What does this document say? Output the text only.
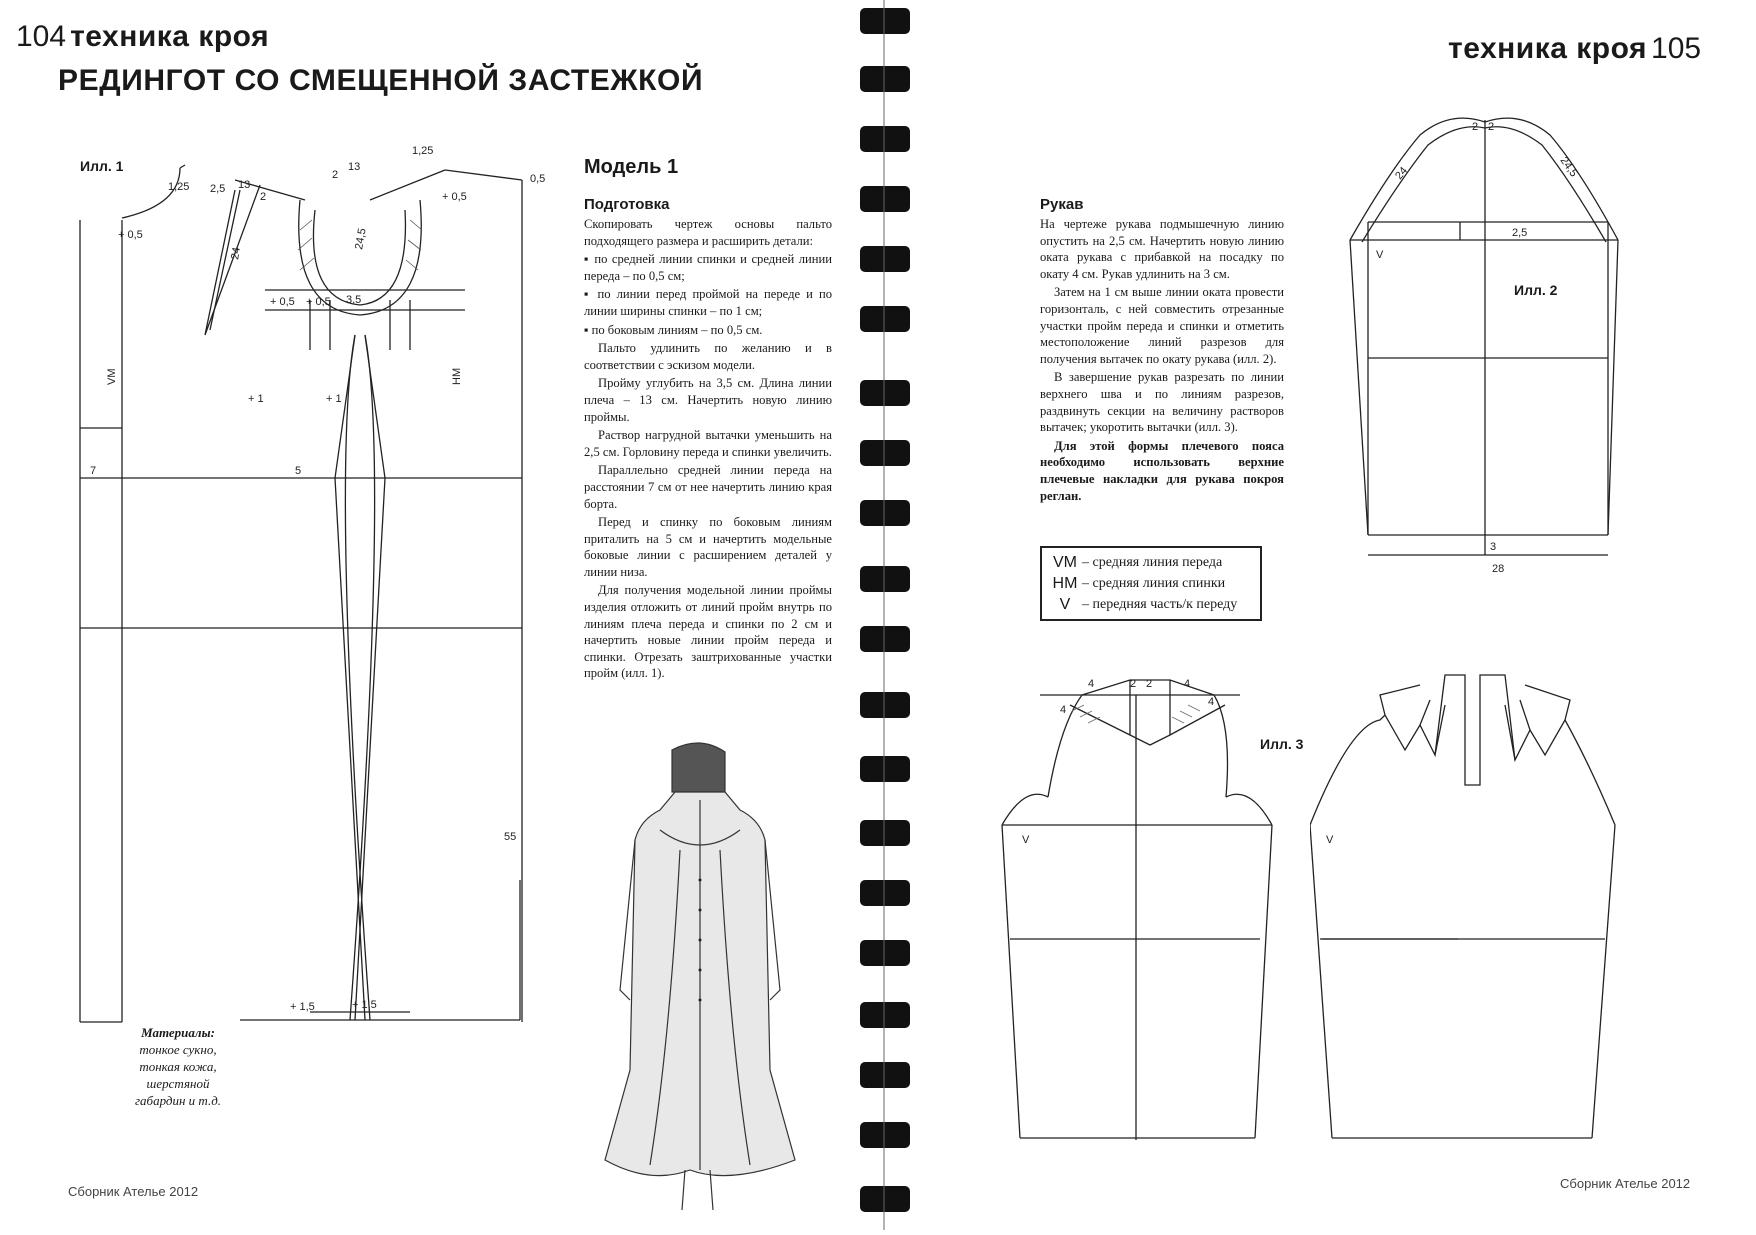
104 техника кроя
РЕДИНГОТ СО СМЕЩЕННОЙ ЗАСТЕЖКОЙ
Илл. 1
VM	HM
1,25 2,5 13
2
24
2
13
1,25
0,5
+ 0,5
+ 0,5	24,5
+ 0,5 + 0,5 3,5
+ 1	+ 1
7	5
55
+ 1,5	+ 1,5
Материалы:
тонкое сукно,
тонкая кожа,
шерстяной
габардин и т.д.
Модель 1
Подготовка

Скопировать чертеж основы пальто подходящего размера и расширить детали:

▪ по средней линии спинки и средней линии переда – по 0,5 см;

▪ по линии перед проймой на переде и по линии ширины спинки – по 1 см;

▪ по боковым линиям – по 0,5 см.

Пальто удлинить по желанию и в соответствии с эскизом модели.

Пройму углубить на 3,5 см. Длина линии плеча – 13 см. Начертить новую линию проймы.

Раствор нагрудной вытачки уменьшить на 2,5 см. Горловину переда и спинки увеличить.

Параллельно средней линии переда на расстоянии 7 см от нее начертить линию края борта.

Перед и спинку по боковым линиям приталить на 5 см и начертить модельные боковые линии с расширением деталей у линии низа.

Для получения модельной линии проймы изделия отложить от линий пройм внутрь по линиям плеча переда и спинки по 2 см и начертить новые линии пройм переда и спинки. Отрезать заштрихованные участки пройм (илл. 1).

Сборник Ателье 2012
техника кроя 105
Рукав

На чертеже рукава подмышечную линию опустить на 2,5 см. Начертить новую линию оката рукава с прибавкой на посадку по окату 4 см. Рукав удлинить на 3 см.

Затем на 1 см выше линии оката провести горизонталь, с ней совместить отрезанные участки пройм переда и спинки и отметить местоположение линий разрезов для получения вытачек по окату рукава (илл. 2).

В завершение рукав разрезать по линии верхнего шва и по линиям разрезов, раздвинуть секции на величину растворов вытачек; укоротить вытачки (илл. 3).

Для этой формы плечевого пояса необходимо использовать верхние плечевые накладки для рукава покроя реглан.

VM – средняя линия переда
HM – средняя линия спинки
V – передняя часть/к переду
Илл. 2
2 2
24	24,5
2,5
V
3
28
Илл. 3
4
4
2 2	4
4
V	V
Сборник Ателье 2012
